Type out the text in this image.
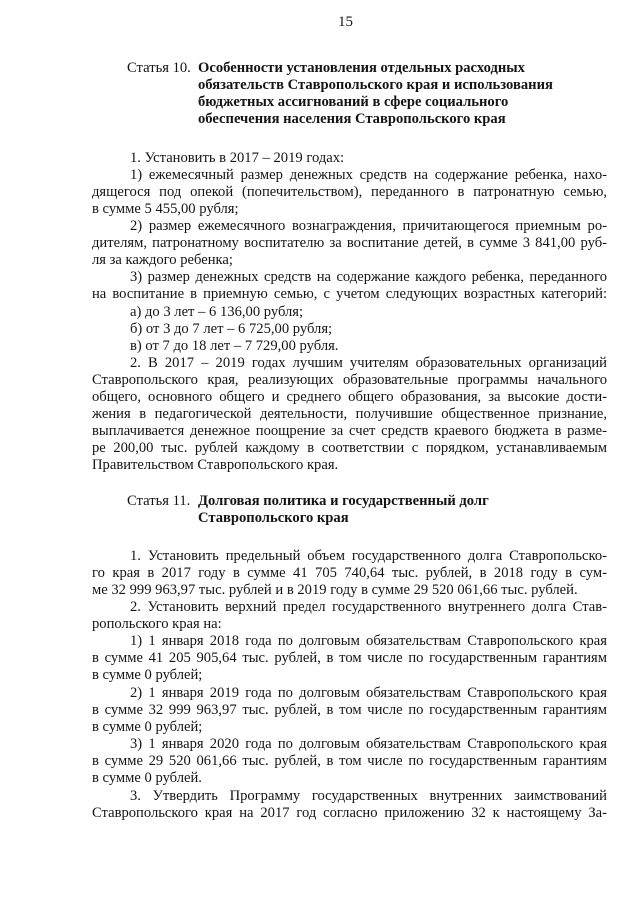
15
Статья 10. Особенности установления отдельных расходных
обязательств Ставропольского края и использования
бюджетных ассигнований в сфере социального
обеспечения населения Ставропольского края
1. Установить в 2017 – 2019 годах:
1) ежемесячный размер денежных средств на содержание ребенка, нахо-
дящегося под опекой (попечительством), переданного в патронатную семью,
в сумме 5 455,00 рубля;
2) размер ежемесячного вознаграждения, причитающегося приемным ро-
дителям, патронатному воспитателю за воспитание детей, в сумме 3 841,00 руб-
ля за каждого ребенка;
3) размер денежных средств на содержание каждого ребенка, переданного
на воспитание в приемную семью, с учетом следующих возрастных категорий:
а) до 3 лет – 6 136,00 рубля;
б) от 3 до 7 лет – 6 725,00 рубля;
в) от 7 до 18 лет – 7 729,00 рубля.
2. В 2017 – 2019 годах лучшим учителям образовательных организаций
Ставропольского края, реализующих образовательные программы начального
общего, основного общего и среднего общего образования, за высокие дости-
жения в педагогической деятельности, получившие общественное признание,
выплачивается денежное поощрение за счет средств краевого бюджета в разме-
ре 200,00 тыс. рублей каждому в соответствии с порядком, устанавливаемым
Правительством Ставропольского края.
Статья 11. Долговая политика и государственный долг
Ставропольского края
1. Установить предельный объем государственного долга Ставропольско-
го края в 2017 году в сумме 41 705 740,64 тыс. рублей, в 2018 году в сум-
ме 32 999 963,97 тыс. рублей и в 2019 году в сумме 29 520 061,66 тыс. рублей.
2. Установить верхний предел государственного внутреннего долга Став-
ропольского края на:
1) 1 января 2018 года по долговым обязательствам Ставропольского края
в сумме 41 205 905,64 тыс. рублей, в том числе по государственным гарантиям
в сумме 0 рублей;
2) 1 января 2019 года по долговым обязательствам Ставропольского края
в сумме 32 999 963,97 тыс. рублей, в том числе по государственным гарантиям
в сумме 0 рублей;
3) 1 января 2020 года по долговым обязательствам Ставропольского края
в сумме 29 520 061,66 тыс. рублей, в том числе по государственным гарантиям
в сумме 0 рублей.
3. Утвердить Программу государственных внутренних заимствований
Ставропольского края на 2017 год согласно приложению 32 к настоящему За-
